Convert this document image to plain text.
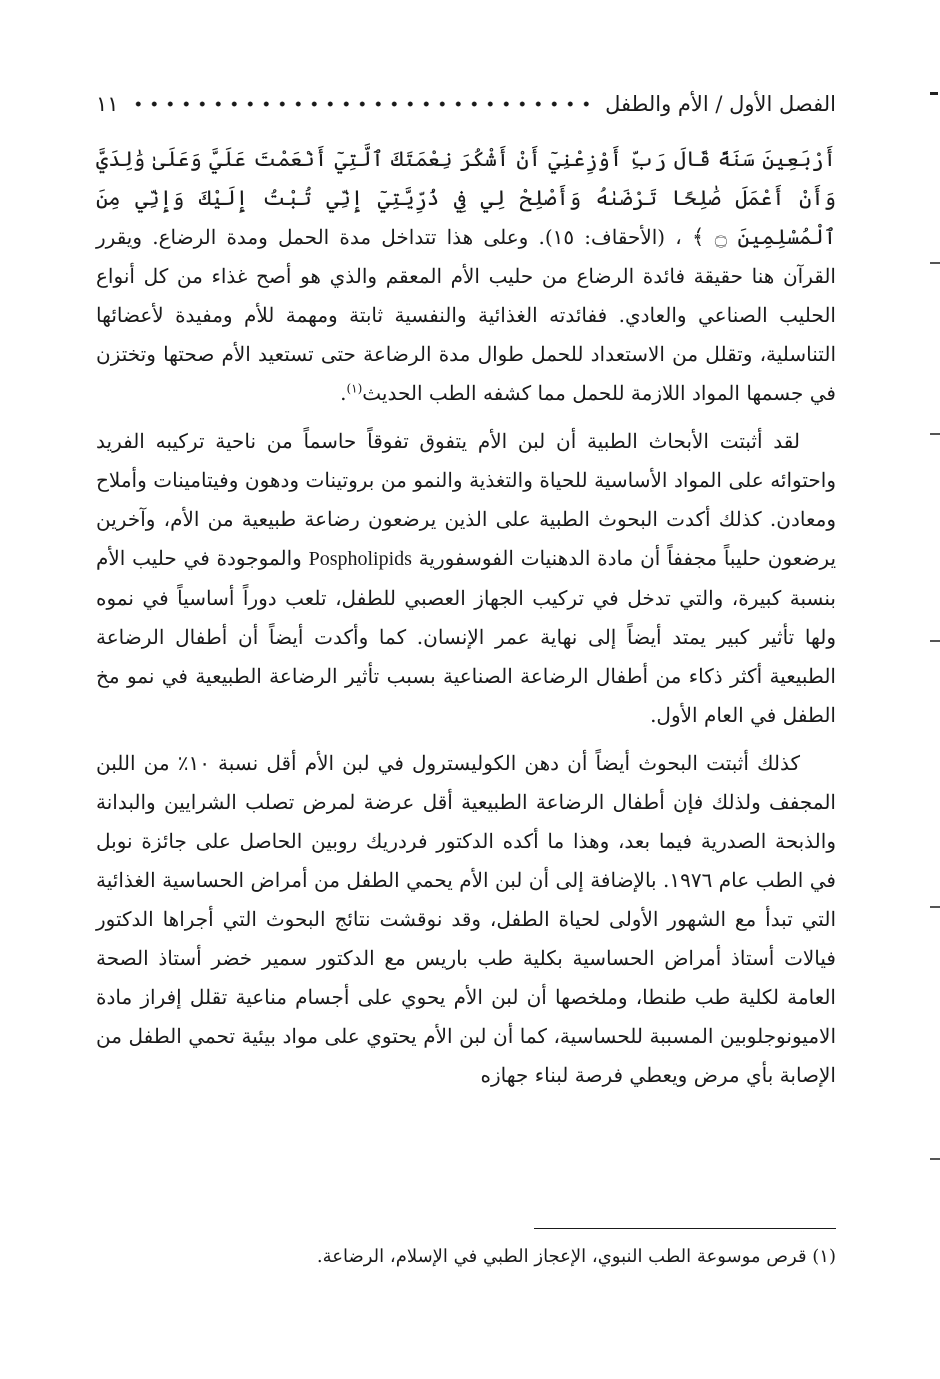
الفصل الأول / الأم والطفل
١١

أَرْبَعِينَ سَنَةً قَالَ رَبِّ أَوْزِعْنِيٓ أَنْ أَشْكُرَ نِعْمَتَكَ ٱلَّتِيٓ أَنْعَمْتَ عَلَيَّ وَعَلَىٰ وَٰلِدَيَّ وَأَنْ أَعْمَلَ صَٰلِحًا تَرْضَىٰهُ وَأَصْلِحْ لِي فِي ذُرِّيَّتِيٓ إِنِّي تُبْتُ إِلَيْكَ وَإِنِّي مِنَ ٱلْمُسْلِمِينَ ۝ ﴾ ، (الأحقاف: ١٥). وعلى هذا تتداخل مدة الحمل ومدة الرضاع. ويقرر القرآن هنا حقيقة فائدة الرضاع من حليب الأم المعقم والذي هو أصح غذاء من كل أنواع الحليب الصناعي والعادي. ففائدته الغذائية والنفسية ثابتة ومهمة للأم ومفيدة لأعضائها التناسلية، وتقلل من الاستعداد للحمل طوال مدة الرضاعة حتى تستعيد الأم صحتها وتختزن في جسمها المواد اللازمة للحمل مما كشفه الطب الحديث$^{(١)}$.

لقد أثبتت الأبحاث الطبية أن لبن الأم يتفوق تفوقاً حاسماً من ناحية تركيبه الفريد واحتوائه على المواد الأساسية للحياة والتغذية والنمو من بروتينات ودهون وفيتامينات وأملاح ومعادن. كذلك أكدت البحوث الطبية على الذين يرضعون رضاعة طبيعية من الأم، وآخرين يرضعون حليباً مجففاً أن مادة الدهنيات الفوسفورية Pospholipids والموجودة في حليب الأم بنسبة كبيرة، والتي تدخل في تركيب الجهاز العصبي للطفل، تلعب دوراً أساسياً في نموه ولها تأثير كبير يمتد أيضاً إلى نهاية عمر الإنسان. كما وأكدت أيضاً أن أطفال الرضاعة الطبيعية أكثر ذكاء من أطفال الرضاعة الصناعية بسبب تأثير الرضاعة الطبيعية في نمو مخ الطفل في العام الأول.

كذلك أثبتت البحوث أيضاً أن دهن الكوليسترول في لبن الأم أقل نسبة ١٠٪ من اللبن المجفف ولذلك فإن أطفال الرضاعة الطبيعية أقل عرضة لمرض تصلب الشرايين والبدانة والذبحة الصدرية فيما بعد، وهذا ما أكده الدكتور فردريك روبين الحاصل على جائزة نوبل في الطب عام ١٩٧٦. بالإضافة إلى أن لبن الأم يحمي الطفل من أمراض الحساسية الغذائية التي تبدأ مع الشهور الأولى لحياة الطفل، وقد نوقشت نتائج البحوث التي أجراها الدكتور فيالات أستاذ أمراض الحساسية بكلية طب باريس مع الدكتور سمير خضر أستاذ الصحة العامة لكلية طب طنطا، وملخصها أن لبن الأم يحوي على أجسام مناعية تقلل إفراز مادة الاميونوجلوبين المسببة للحساسية، كما أن لبن الأم يحتوي على مواد بيئية تحمي الطفل من الإصابة بأي مرض ويعطي فرصة لبناء جهازه

(١) قرص موسوعة الطب النبوي، الإعجاز الطبي في الإسلام، الرضاعة.
